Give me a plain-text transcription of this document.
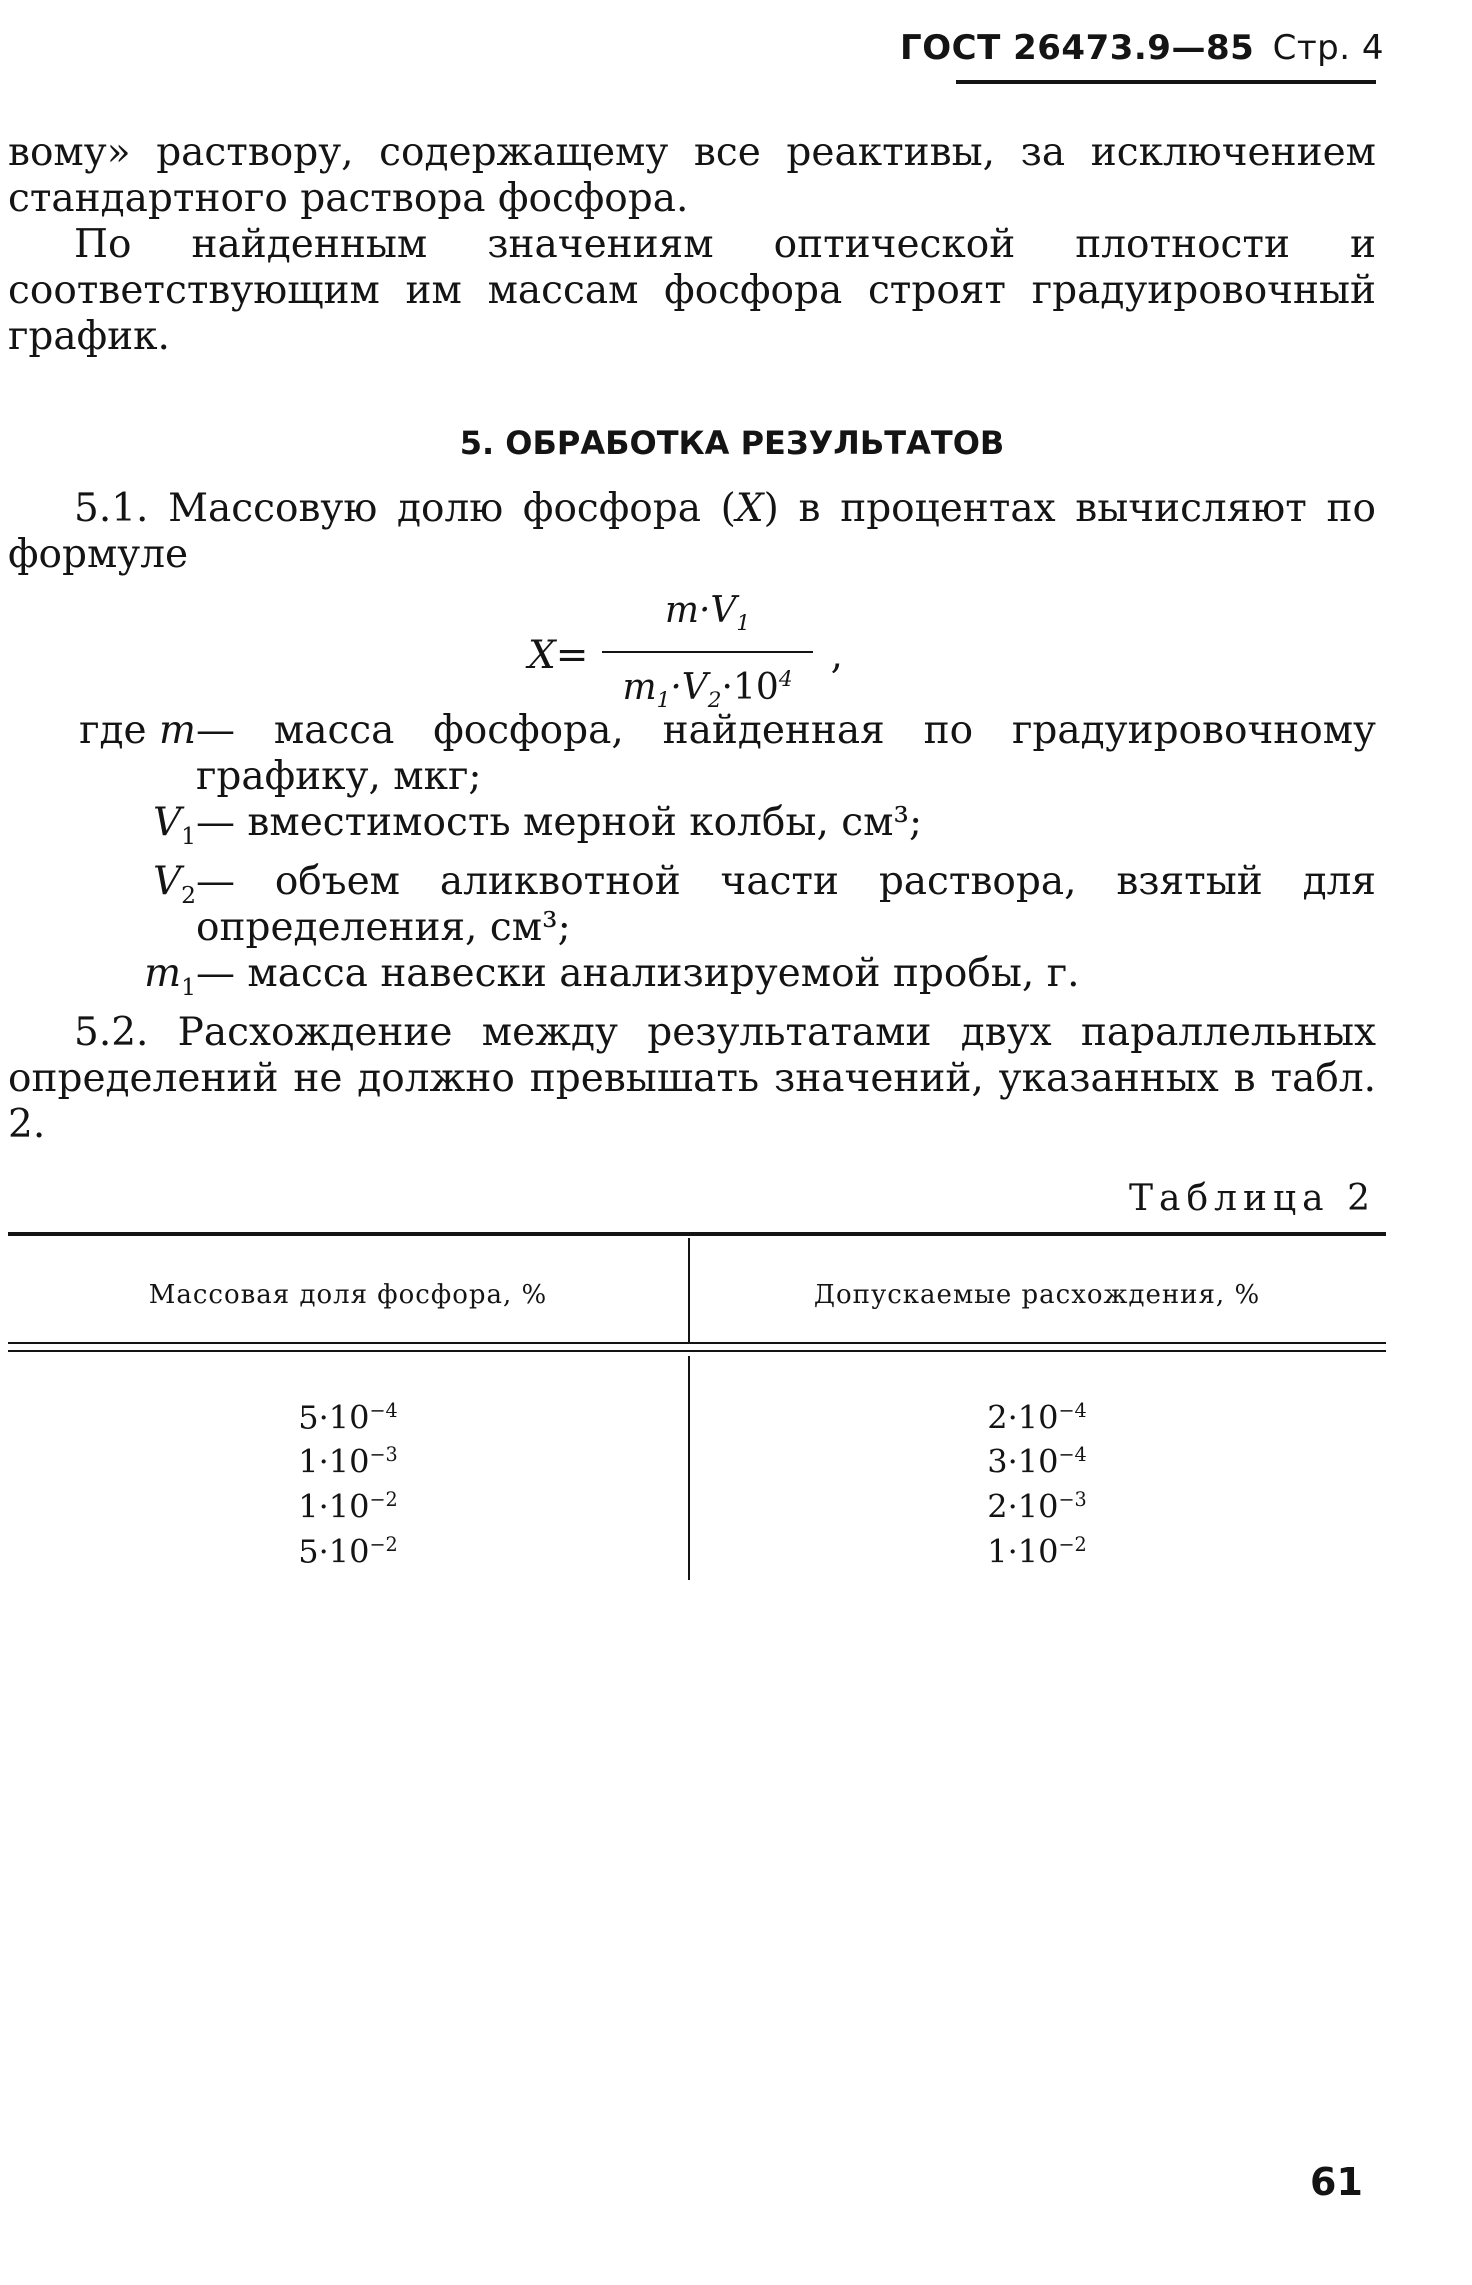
ГОСТ 26473.9—85 Стр. 4

вому» раствору, содержащему все реактивы, за исключением стандартного раствора фосфора.

По найденным значениям оптической плотности и соответствующим им массам фосфора строят градуировочный график.

5. ОБРАБОТКА РЕЗУЛЬТАТОВ

5.1. Массовую долю фосфора (X) в процентах вычисляют по формуле

$X= \frac{m\cdot V_1}{m_1\cdot V_2\cdot 10^4}$ ,
где m — масса фосфора, найденная по градуировочному графику, мкг;
$V_1$ — вместимость мерной колбы, см³;
$V_2$ — объем аликвотной части раствора, взятый для определения, см³;
$m_1$ — масса навески анализируемой пробы, г.

5.2. Расхождение между результатами двух параллельных определений не должно превышать значений, указанных в табл. 2.

Таблица 2
Массовая доля фосфора, %	Допускаемые расхождения, %
$5\cdot 10^{-4}$
$1\cdot 10^{-3}$
$1\cdot 10^{-2}$
$5\cdot 10^{-2}$
$2\cdot 10^{-4}$
$3\cdot 10^{-4}$
$2\cdot 10^{-3}$
$1\cdot 10^{-2}$
61
